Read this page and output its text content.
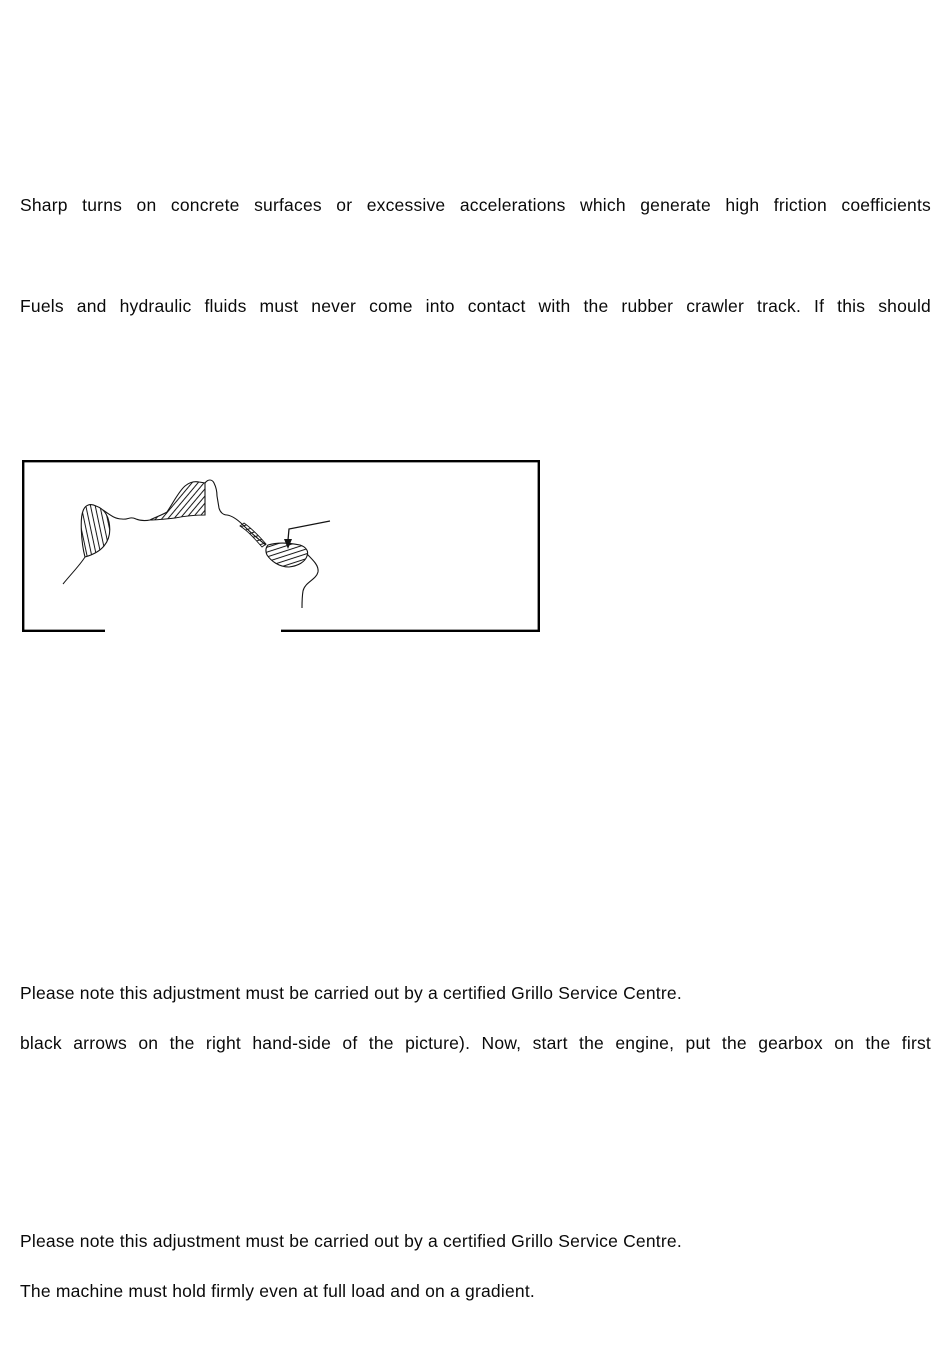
Sharp turns on concrete surfaces or excessive accelerations which generate high friction coefficients

Fuels and hydraulic fluids must never come into contact with the rubber crawler track. If this should

Please note this adjustment must be carried out by a certified Grillo Service Centre.

black arrows on the right hand-side of the picture). Now, start the engine, put the gearbox on the first

Please note this adjustment must be carried out by a certified Grillo Service Centre.

The machine must hold firmly even at full load and on a gradient.
